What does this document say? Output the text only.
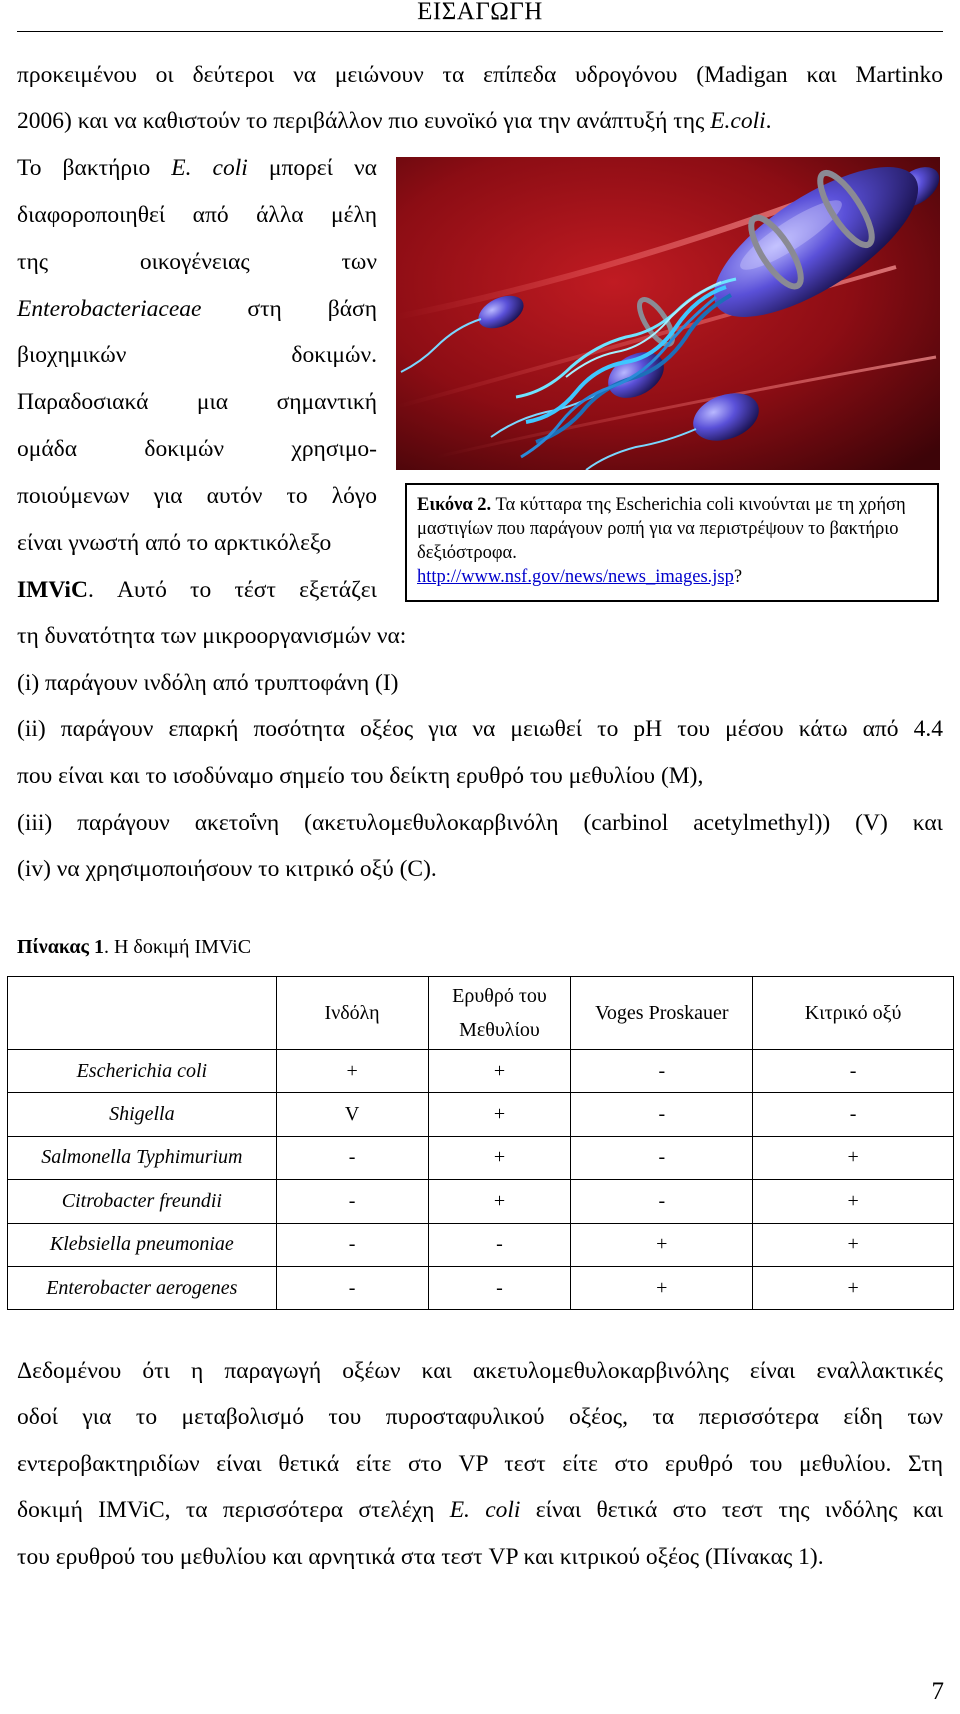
ΕΙΣΑΓΩΓΗ
προκειμένου οι δεύτεροι να μειώνουν τα επίπεδα υδρογόνου (Madigan και Martinko
2006) και να καθιστούν το περιβάλλον πιο ευνοϊκό για την ανάπτυξή της E.coli.
Το βακτήριο E. coli μπορεί να
διαφοροποιηθεί από άλλα μέλη
της οικογένειας των
Enterobacteriaceae στη βάση
βιοχημικών δοκιμών.
Παραδοσιακά μια σημαντική
ομάδα δοκιμών χρησιμο-
ποιούμενων για αυτόν το λόγο
είναι γνωστή από το αρκτικόλεξο
IMViC. Αυτό το τέστ εξετάζει
Εικόνα 2. Τα κύτταρα της Escherichia coli κινούνται με τη χρήση μαστιγίων που παράγουν ροπή για να περιστρέψουν το βακτήριο δεξιόστροφα.
http://www.nsf.gov/news/news_images.jsp?
τη δυνατότητα των μικροοργανισμών να:
(i) παράγουν ινδόλη από τρυπτοφάνη (I)
(ii) παράγουν επαρκή ποσότητα οξέος για να μειωθεί το pH του μέσου κάτω από 4.4
που είναι και το ισοδύναμο σημείο του δείκτη ερυθρό του μεθυλίου (M),
(iii) παράγουν ακετοΐνη (ακετυλομεθυλοκαρβινόλη (carbinol acetylmethyl)) (V) και
(iv) να χρησιμοποιήσουν το κιτρικό οξύ (C).
Πίνακας 1. Η δοκιμή IMViC
	Ινδόλη	Ερυθρό του Μεθυλίου	Voges Proskauer	Κιτρικό οξύ
Escherichia coli	+	+	-	-
Shigella	V	+	-	-
Salmonella Typhimurium	-	+	-	+
Citrobacter freundii	-	+	-	+
Klebsiella pneumoniae	-	-	+	+
Enterobacter aerogenes	-	-	+	+
Δεδομένου ότι η παραγωγή οξέων και ακετυλομεθυλοκαρβινόλης είναι εναλλακτικές
οδοί για το μεταβολισμό του πυροσταφυλικού οξέος, τα περισσότερα είδη των
εντεροβακτηριδίων είναι θετικά είτε στο VP τεστ είτε στο ερυθρό του μεθυλίου. Στη
δοκιμή IMViC, τα περισσότερα στελέχη E. coli είναι θετικά στο τεστ της ινδόλης και
του ερυθρού του μεθυλίου και αρνητικά στα τεστ VP και κιτρικού οξέος (Πίνακας 1).
7
